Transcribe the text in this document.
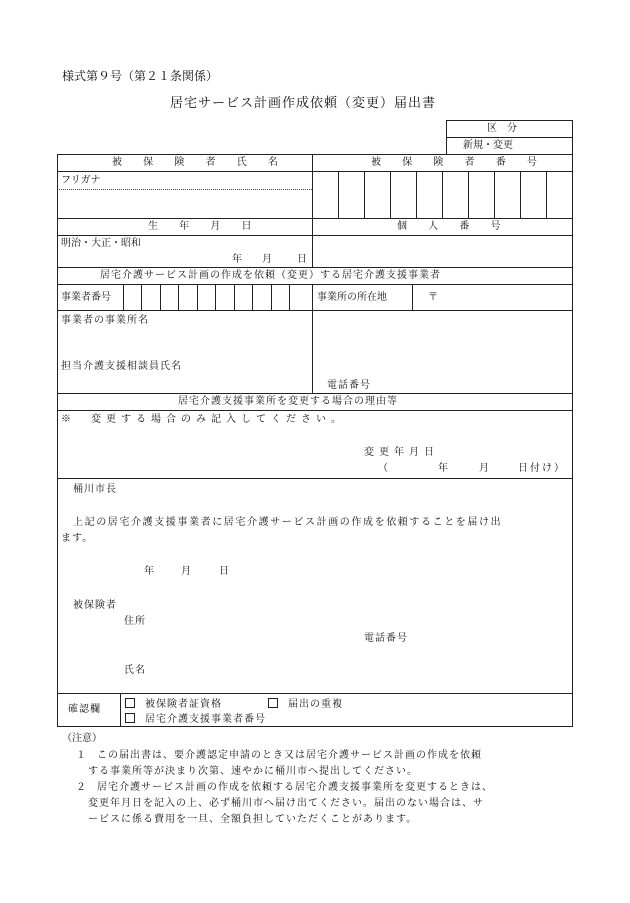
様式第９号（第２１条関係）
居宅サービス計画作成依頼（変更）届出書
区　分
新規・変更
被 保 険 者 氏 名	被 保 険 者 番 号
フリガナ
生 年 月 日	個 人 番 号
明治・大正・昭和
年 月	日
居宅介護サービス計画の作成を依頼（変更）する居宅介護支援事業者
事業者番号	事業所の所在地	〒
事業者の事業所名
担当介護支援相談員氏名
電話番号
居宅介護支援事業所を変更する場合の理由等
※　変更する場合のみ記入してください。
変更年月日
（	年	月	日付け）
桶川市長
上記の居宅介護支援事業者に居宅介護サービス計画の作成を依頼することを届け出
ます。
年	月	日
被保険者
住所
電話番号
氏名
確認欄	被保険者証資格	届出の重複
居宅介護支援事業者番号
（注意）
１ この届出書は、要介護認定申請のとき又は居宅介護サービス計画の作成を依頼
する事業所等が決まり次第、速やかに桶川市へ提出してください。
２ 居宅介護サービス計画の作成を依頼する居宅介護支援事業所を変更するときは、
変更年月日を記入の上、必ず桶川市へ届け出てください。届出のない場合は、サ
ービスに係る費用を一旦、全額負担していただくことがあります。
